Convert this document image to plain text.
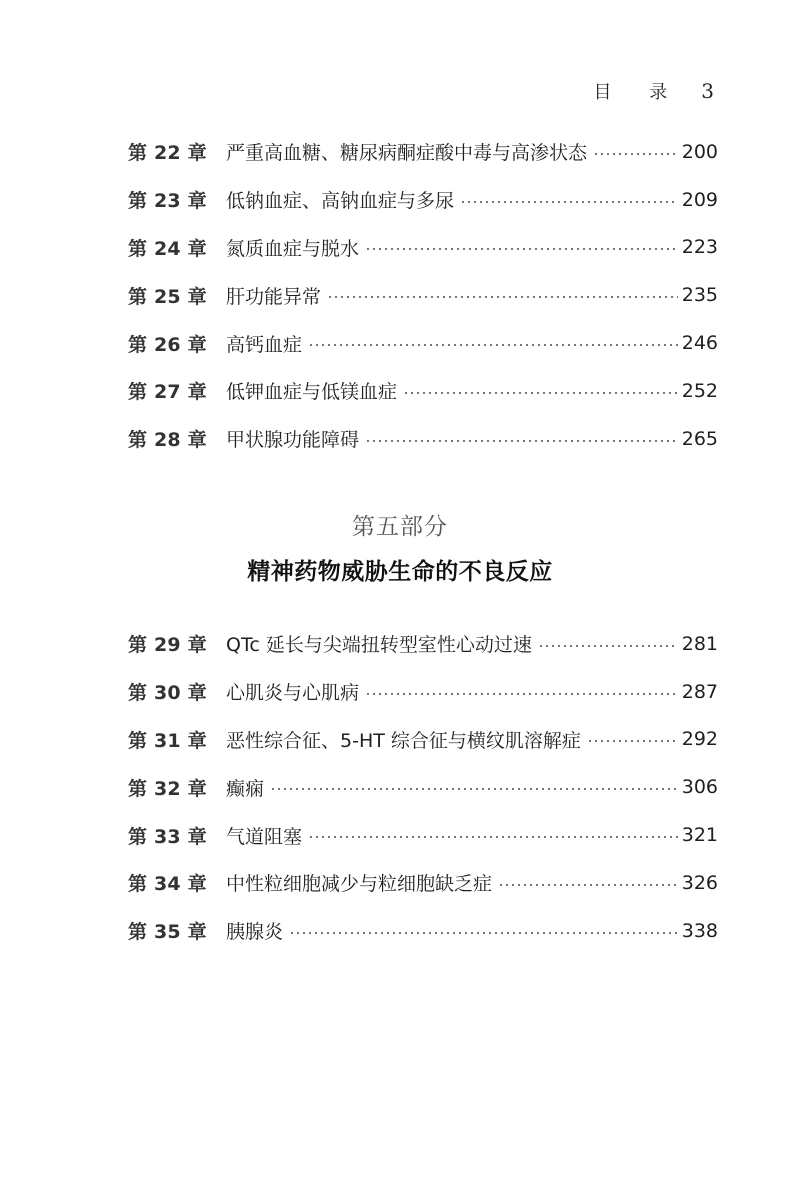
目 录 3
第 22 章	严重高血糖、糖尿病酮症酸中毒与高渗状态	200
第 23 章	低钠血症、高钠血症与多尿	209
第 24 章	氮质血症与脱水	223
第 25 章	肝功能异常	235
第 26 章	高钙血症	246
第 27 章	低钾血症与低镁血症	252
第 28 章	甲状腺功能障碍	265
第五部分
精神药物威胁生命的不良反应
第 29 章	QTc 延长与尖端扭转型室性心动过速	281
第 30 章	心肌炎与心肌病	287
第 31 章	恶性综合征、5-HT 综合征与横纹肌溶解症	292
第 32 章	癫痫	306
第 33 章	气道阻塞	321
第 34 章	中性粒细胞减少与粒细胞缺乏症	326
第 35 章	胰腺炎	338
